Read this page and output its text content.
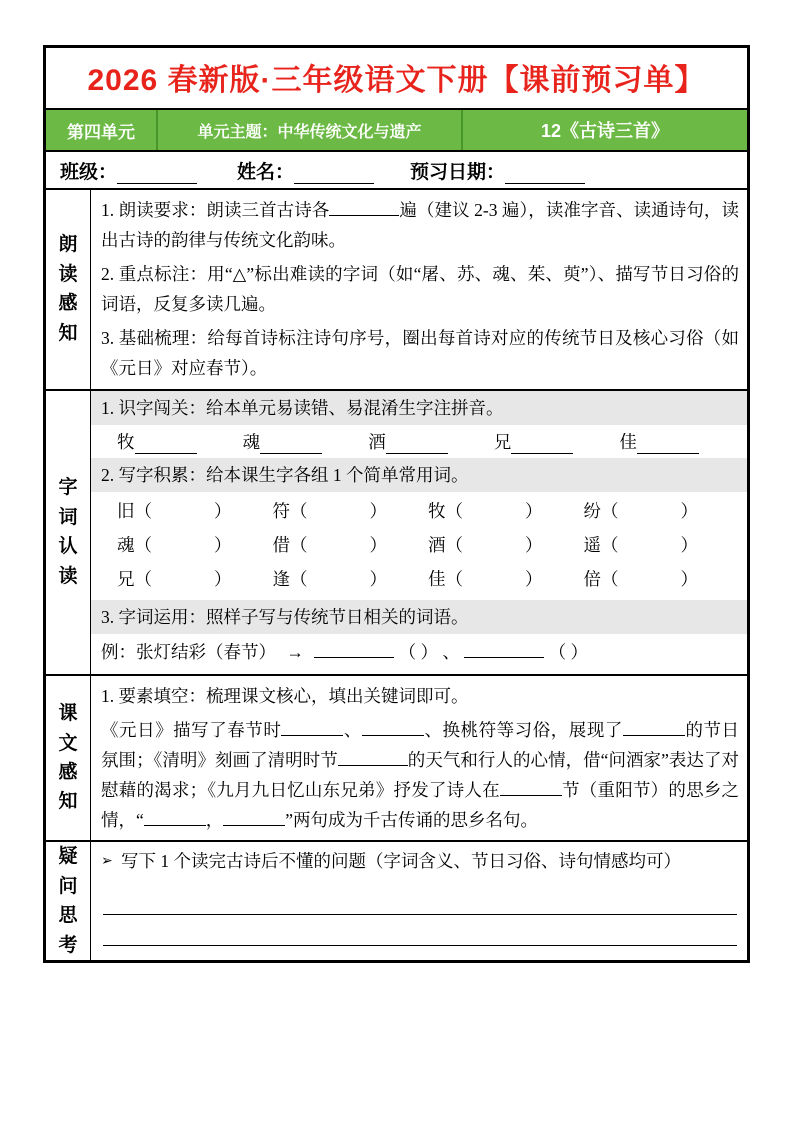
2026 春新版·三年级语文下册【课前预习单】
第四单元	单元主题：中华传统文化与遗产	12《古诗三首》
班级：	姓名：	预习日期：
朗
读
感
知
1. 朗读要求：朗读三首古诗各	遍（建议 2-3 遍），读准字音、读通诗句，读出古诗的韵律与传统文化韵味。
2. 重点标注：用“△”标出难读的字词（如“屠、苏、魂、茱、萸”）、描写节日习俗的词语，反复多读几遍。
3. 基础梳理：给每首诗标注诗句序号，圈出每首诗对应的传统节日及核心习俗（如《元日》对应春节）。
字
词
认
读
1. 识字闯关：给本单元易读错、易混淆生字注拼音。
牧	魂	酒	兄	佳
2. 写字积累：给本课生字各组 1 个简单常用词。
旧（	）	符（	）	牧（	）	纷（	）
魂（	）	借（	）	酒（	）	遥（	）
兄（	）	逢（	）	佳（	）	倍（	）
3. 字词运用：照样子写与传统节日相关的词语。
例：张灯结彩（春节） →	（ ） 、	（ ）
课
文
感
知
1. 要素填空：梳理课文核心，填出关键词即可。
《元日》描写了春节时	、	、换桃符等习俗，展现了	的节日氛围；《清明》刻画了清明时节	的天气和行人的心情，借“问酒家”表达了对慰藉的渴求；《九月九日忆山东兄弟》抒发了诗人在	节（重阳节）的思乡之情，“	，	”两句成为千古传诵的思乡名句。
疑
问
思
考
➢ 写下 1 个读完古诗后不懂的问题（字词含义、节日习俗、诗句情感均可）
